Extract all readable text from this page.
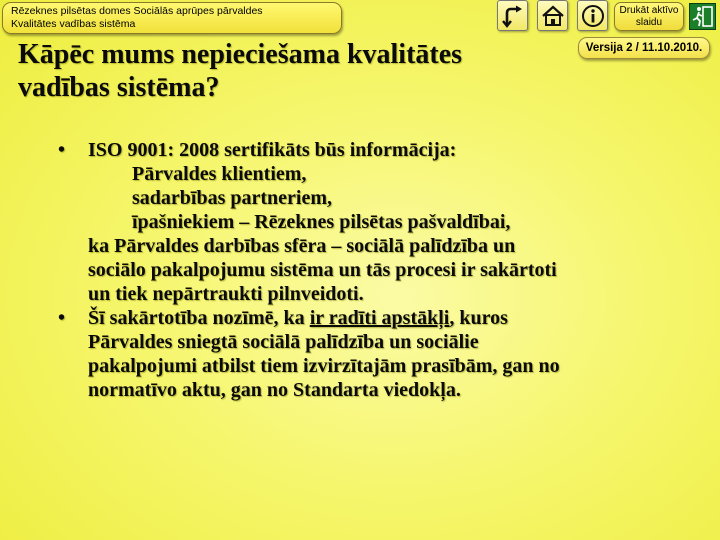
Rēzeknes pilsētas domes Sociālās aprūpes pārvaldes
Kvalitātes vadības sistēma
Drukāt aktīvo
slaidu
Versija 2 / 11.10.2010.
Kāpēc mums nepieciešama kvalitātes
vadības sistēma?
• ISO 9001: 2008 sertifikāts būs informācija:
Pārvaldes klientiem,
sadarbības partneriem,
īpašniekiem – Rēzeknes pilsētas pašvaldībai,
ka Pārvaldes darbības sfēra – sociālā palīdzība un
sociālo pakalpojumu sistēma un tās procesi ir sakārtoti
un tiek nepārtraukti pilnveidoti.
• Šī sakārtotība nozīmē, ka ir radīti apstākļi, kuros
Pārvaldes sniegtā sociālā palīdzība un sociālie
pakalpojumi atbilst tiem izvirzītajām prasībām, gan no
normatīvo aktu, gan no Standarta viedokļa.
